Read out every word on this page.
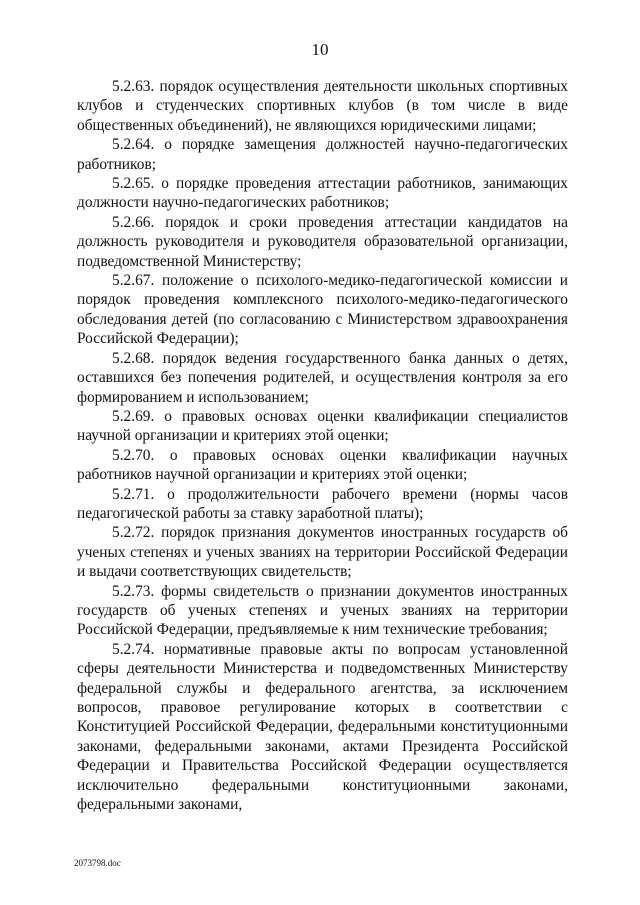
10

5.2.63. порядок осуществления деятельности школьных спортивных клубов и студенческих спортивных клубов (в том числе в виде общественных объединений), не являющихся юридическими лицами;

5.2.64. о порядке замещения должностей научно-педагогических работников;

5.2.65. о порядке проведения аттестации работников, занимающих должности научно-педагогических работников;

5.2.66. порядок и сроки проведения аттестации кандидатов на должность руководителя и руководителя образовательной организации, подведомственной Министерству;

5.2.67. положение о психолого-медико-педагогической комиссии и порядок проведения комплексного психолого-медико-педагогического обследования детей (по согласованию с Министерством здравоохранения Российской Федерации);

5.2.68. порядок ведения государственного банка данных о детях, оставшихся без попечения родителей, и осуществления контроля за его формированием и использованием;

5.2.69. о правовых основах оценки квалификации специалистов научной организации и критериях этой оценки;

5.2.70. о правовых основах оценки квалификации научных работников научной организации и критериях этой оценки;

5.2.71. о продолжительности рабочего времени (нормы часов педагогической работы за ставку заработной платы);

5.2.72. порядок признания документов иностранных государств об ученых степенях и ученых званиях на территории Российской Федерации и выдачи соответствующих свидетельств;

5.2.73. формы свидетельств о признании документов иностранных государств об ученых степенях и ученых званиях на территории Российской Федерации, предъявляемые к ним технические требования;

5.2.74. нормативные правовые акты по вопросам установленной сферы деятельности Министерства и подведомственных Министерству федеральной службы и федерального агентства, за исключением вопросов, правовое регулирование которых в соответствии с Конституцией Российской Федерации, федеральными конституционными законами, федеральными законами, актами Президента Российской Федерации и Правительства Российской Федерации осуществляется исключительно федеральными конституционными законами, федеральными законами,

2073798.doc
